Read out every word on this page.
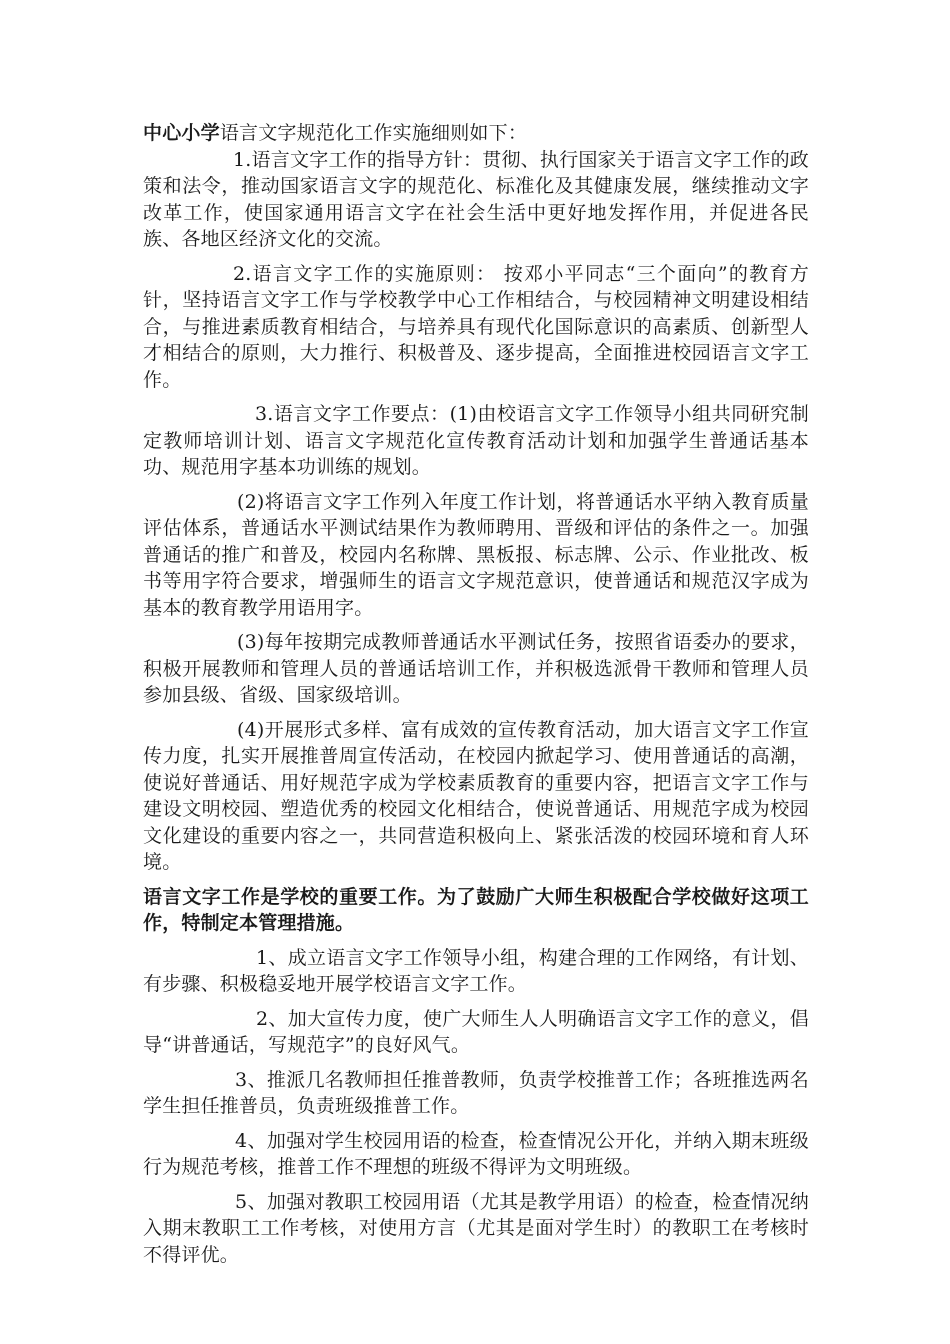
中心小学语言文字规范化工作实施细则如下：

1.语言文字工作的指导方针：贯彻、执行国家关于语言文字工作的政策和法令，推动国家语言文字的规范化、标准化及其健康发展，继续推动文字改革工作，使国家通用语言文字在社会生活中更好地发挥作用，并促进各民族、各地区经济文化的交流。

2.语言文字工作的实施原则： 按邓小平同志“三个面向”的教育方针，坚持语言文字工作与学校教学中心工作相结合，与校园精神文明建设相结合，与推进素质教育相结合，与培养具有现代化国际意识的高素质、创新型人才相结合的原则，大力推行、积极普及、逐步提高，全面推进校园语言文字工作。

3.语言文字工作要点：(1)由校语言文字工作领导小组共同研究制定教师培训计划、语言文字规范化宣传教育活动计划和加强学生普通话基本功、规范用字基本功训练的规划。

(2)将语言文字工作列入年度工作计划，将普通话水平纳入教育质量评估体系，普通话水平测试结果作为教师聘用、晋级和评估的条件之一。加强普通话的推广和普及，校园内名称牌、黑板报、标志牌、公示、作业批改、板书等用字符合要求，增强师生的语言文字规范意识，使普通话和规范汉字成为基本的教育教学用语用字。

(3)每年按期完成教师普通话水平测试任务，按照省语委办的要求，积极开展教师和管理人员的普通话培训工作，并积极选派骨干教师和管理人员参加县级、省级、国家级培训。

(4)开展形式多样、富有成效的宣传教育活动，加大语言文字工作宣传力度，扎实开展推普周宣传活动，在校园内掀起学习、使用普通话的高潮，使说好普通话、用好规范字成为学校素质教育的重要内容，把语言文字工作与建设文明校园、塑造优秀的校园文化相结合，使说普通话、用规范字成为校园文化建设的重要内容之一，共同营造积极向上、紧张活泼的校园环境和育人环境。

语言文字工作是学校的重要工作。为了鼓励广大师生积极配合学校做好这项工作，特制定本管理措施。

1、成立语言文字工作领导小组，构建合理的工作网络，有计划、有步骤、积极稳妥地开展学校语言文字工作。

2、加大宣传力度，使广大师生人人明确语言文字工作的意义，倡导“讲普通话，写规范字”的良好风气。

3、推派几名教师担任推普教师，负责学校推普工作；各班推选两名学生担任推普员，负责班级推普工作。

4、加强对学生校园用语的检查，检查情况公开化，并纳入期末班级行为规范考核，推普工作不理想的班级不得评为文明班级。

5、加强对教职工校园用语（尤其是教学用语）的检查，检查情况纳入期末教职工工作考核，对使用方言（尤其是面对学生时）的教职工在考核时不得评优。
